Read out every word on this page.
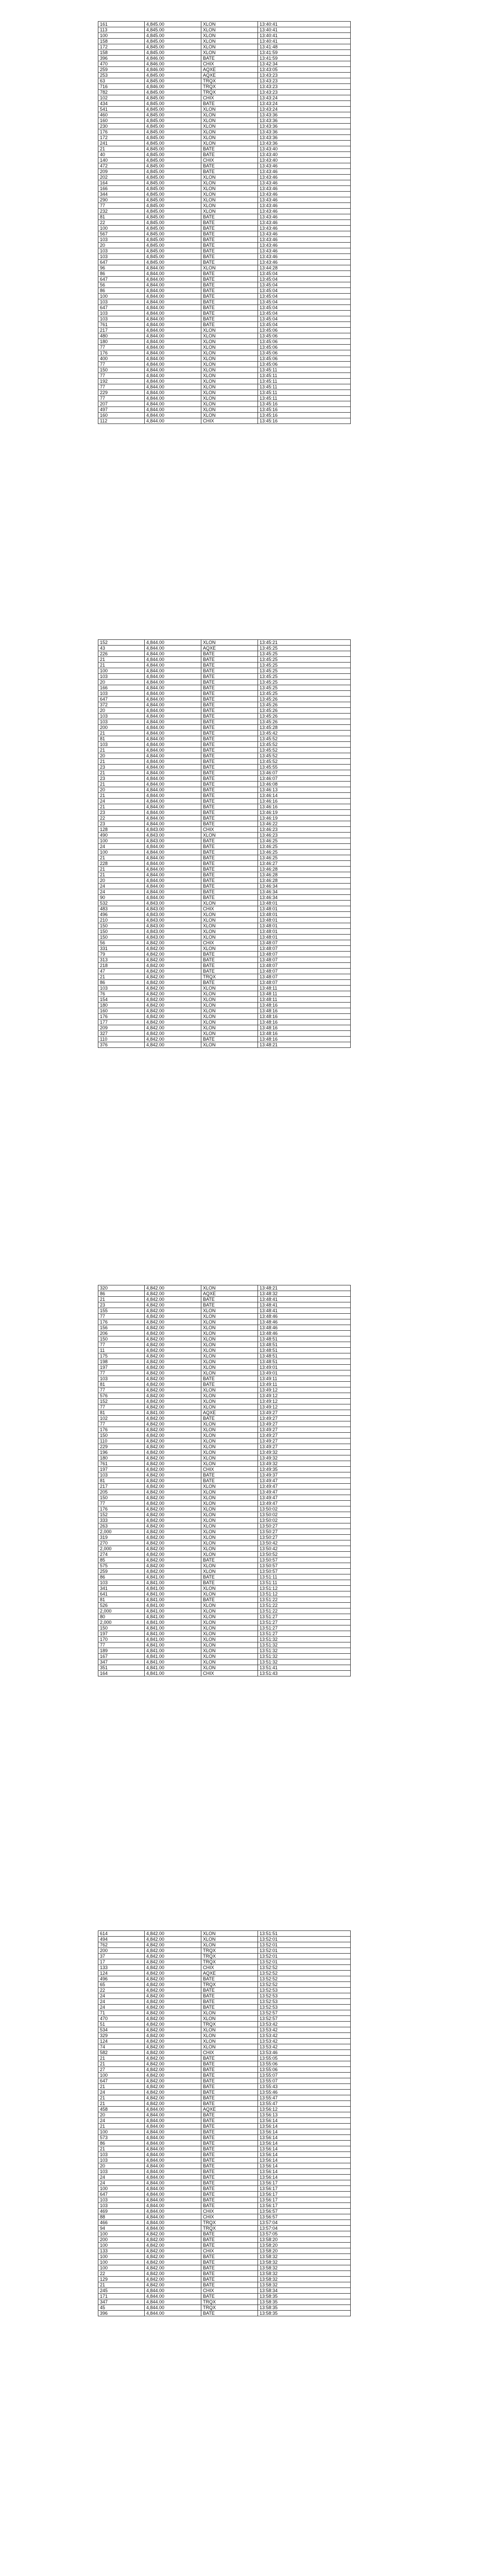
161	4,845.00	XLON	13:40:41
113	4,845.00	XLON	13:40:41
100	4,845.00	XLON	13:40:41
158	4,845.00	XLON	13:40:41
172	4,845.00	XLON	13:41:48
158	4,845.00	XLON	13:41:59
396	4,846.00	BATE	13:41:59
470	4,846.00	CHIX	13:42:34
259	4,846.00	AQXE	13:43:05
253	4,845.00	AQXE	13:43:23
63	4,845.00	TRQX	13:43:23
716	4,846.00	TRQX	13:43:23
782	4,845.00	TRQX	13:43:23
102	4,845.00	CHIX	13:43:24
434	4,845.00	BATE	13:43:24
541	4,845.00	XLON	13:43:24
460	4,845.00	XLON	13:43:36
160	4,845.00	XLON	13:43:36
230	4,845.00	XLON	13:43:36
176	4,845.00	XLON	13:43:36
172	4,845.00	XLON	13:43:36
241	4,845.00	XLON	13:43:36
21	4,845.00	BATE	13:43:40
40	4,845.00	BATE	13:43:40
140	4,845.00	CHIX	13:43:40
472	4,845.00	BATE	13:43:46
209	4,845.00	BATE	13:43:46
202	4,845.00	XLON	13:43:46
164	4,845.00	XLON	13:43:46
166	4,845.00	XLON	13:43:46
344	4,845.00	XLON	13:43:46
290	4,845.00	XLON	13:43:46
77	4,845.00	XLON	13:43:46
232	4,845.00	XLON	13:43:46
81	4,845.00	BATE	13:43:46
22	4,845.00	BATE	13:43:46
100	4,845.00	BATE	13:43:46
567	4,845.00	BATE	13:43:46
103	4,845.00	BATE	13:43:46
20	4,845.00	BATE	13:43:46
103	4,845.00	BATE	13:43:46
103	4,845.00	BATE	13:43:46
647	4,845.00	BATE	13:43:46
96	4,844.00	XLON	13:44:28
86	4,844.00	BATE	13:45:04
647	4,844.00	BATE	13:45:04
56	4,844.00	BATE	13:45:04
86	4,844.00	BATE	13:45:04
100	4,844.00	BATE	13:45:04
103	4,844.00	BATE	13:45:04
647	4,844.00	BATE	13:45:04
103	4,844.00	BATE	13:45:04
103	4,844.00	BATE	13:45:04
761	4,844.00	BATE	13:45:04
217	4,844.00	XLON	13:45:06
480	4,844.00	XLON	13:45:06
180	4,844.00	XLON	13:45:06
77	4,844.00	XLON	13:45:06
176	4,844.00	XLON	13:45:06
400	4,844.00	XLON	13:45:06
77	4,844.00	XLON	13:45:06
150	4,844.00	XLON	13:45:11
77	4,844.00	XLON	13:45:11
192	4,844.00	XLON	13:45:11
77	4,844.00	XLON	13:45:11
229	4,844.00	XLON	13:45:11
77	4,844.00	XLON	13:45:11
207	4,844.00	XLON	13:45:16
497	4,844.00	XLON	13:45:16
160	4,844.00	XLON	13:45:16
112	4,844.00	CHIX	13:45:16
152	4,844.00	XLON	13:45:21
43	4,844.00	AQXE	13:45:25
226	4,844.00	BATE	13:45:25
21	4,844.00	BATE	13:45:25
21	4,844.00	BATE	13:45:25
100	4,844.00	BATE	13:45:25
103	4,844.00	BATE	13:45:25
20	4,844.00	BATE	13:45:25
166	4,844.00	BATE	13:45:25
103	4,844.00	BATE	13:45:25
647	4,844.00	BATE	13:45:26
372	4,844.00	BATE	13:45:26
20	4,844.00	BATE	13:45:26
103	4,844.00	BATE	13:45:26
103	4,844.00	BATE	13:45:26
200	4,844.00	BATE	13:45:28
21	4,844.00	BATE	13:45:42
81	4,844.00	BATE	13:45:52
103	4,844.00	BATE	13:45:52
21	4,844.00	BATE	13:45:52
20	4,844.00	BATE	13:45:52
21	4,844.00	BATE	13:45:52
23	4,844.00	BATE	13:45:55
21	4,844.00	BATE	13:46:07
23	4,844.00	BATE	13:46:07
21	4,844.00	BATE	13:46:08
20	4,844.00	BATE	13:46:13
21	4,844.00	BATE	13:46:14
24	4,844.00	BATE	13:46:16
21	4,844.00	BATE	13:46:16
23	4,844.00	BATE	13:46:19
22	4,844.00	BATE	13:46:19
23	4,844.00	BATE	13:46:22
128	4,843.00	CHIX	13:46:23
490	4,843.00	XLON	13:46:23
100	4,843.00	BATE	13:46:25
24	4,844.00	BATE	13:46:25
100	4,844.00	BATE	13:46:25
21	4,844.00	BATE	13:46:25
228	4,844.00	BATE	13:46:27
21	4,844.00	BATE	13:46:28
21	4,844.00	BATE	13:46:28
20	4,844.00	BATE	13:46:28
24	4,844.00	BATE	13:46:34
24	4,844.00	BATE	13:46:34
90	4,844.00	BATE	13:46:34
532	4,843.00	XLON	13:48:01
483	4,843.00	CHIX	13:48:01
496	4,843.00	XLON	13:48:01
210	4,843.00	XLON	13:48:01
150	4,843.00	XLON	13:48:01
150	4,843.00	XLON	13:48:01
150	4,843.00	XLON	13:48:01
56	4,842.00	CHIX	13:48:07
331	4,842.00	XLON	13:48:07
79	4,842.00	BATE	13:48:07
313	4,842.00	BATE	13:48:07
218	4,842.00	BATE	13:48:07
47	4,842.00	BATE	13:48:07
21	4,842.00	TRQX	13:48:07
86	4,842.00	BATE	13:48:07
103	4,842.00	XLON	13:48:11
76	4,842.00	XLON	13:48:11
154	4,842.00	XLON	13:48:11
180	4,842.00	XLON	13:48:16
160	4,842.00	XLON	13:48:16
176	4,842.00	XLON	13:48:16
177	4,842.00	XLON	13:48:16
209	4,842.00	XLON	13:48:16
327	4,842.00	XLON	13:48:16
110	4,842.00	BATE	13:48:16
376	4,842.00	XLON	13:48:21
320	4,842.00	XLON	13:48:21
86	4,842.00	AQXE	13:48:32
21	4,842.00	BATE	13:48:41
23	4,842.00	BATE	13:48:41
155	4,842.00	XLON	13:48:41
77	4,842.00	XLON	13:48:46
176	4,842.00	XLON	13:48:46
156	4,842.00	XLON	13:48:46
206	4,842.00	XLON	13:48:46
150	4,842.00	XLON	13:48:51
77	4,842.00	XLON	13:48:51
11	4,842.00	XLON	13:48:51
175	4,842.00	XLON	13:48:51
198	4,842.00	XLON	13:48:51
197	4,842.00	XLON	13:49:01
77	4,842.00	XLON	13:49:01
103	4,842.00	BATE	13:49:11
81	4,842.00	BATE	13:49:11
77	4,842.00	XLON	13:49:12
576	4,842.00	XLON	13:49:12
152	4,842.00	XLON	13:49:12
77	4,842.00	XLON	13:49:12
81	4,841.00	AQXE	13:49:27
102	4,842.00	BATE	13:49:27
77	4,842.00	XLON	13:49:27
176	4,842.00	XLON	13:49:27
150	4,842.00	XLON	13:49:27
110	4,842.00	XLON	13:49:27
229	4,842.00	XLON	13:49:27
196	4,842.00	XLON	13:49:32
180	4,842.00	XLON	13:49:32
761	4,842.00	XLON	13:49:32
197	4,842.00	CHIX	13:49:35
103	4,842.00	BATE	13:49:37
81	4,842.00	BATE	13:49:47
217	4,842.00	XLON	13:49:47
205	4,842.00	XLON	13:49:47
150	4,842.00	XLON	13:49:47
77	4,842.00	XLON	13:49:47
176	4,842.00	XLON	13:50:02
152	4,842.00	XLON	13:50:02
333	4,842.00	XLON	13:50:02
263	4,842.00	XLON	13:50:27
2,000	4,842.00	XLON	13:50:27
319	4,842.00	XLON	13:50:27
270	4,842.00	XLON	13:50:42
2,000	4,842.00	XLON	13:50:42
274	4,842.00	XLON	13:50:52
85	4,842.00	BATE	13:50:57
575	4,842.00	XLON	13:50:57
259	4,842.00	XLON	13:50:57
86	4,841.00	BATE	13:51:11
103	4,841.00	BATE	13:51:11
341	4,841.00	XLON	13:51:12
641	4,841.00	XLON	13:51:12
81	4,841.00	BATE	13:51:22
526	4,841.00	XLON	13:51:22
2,000	4,841.00	XLON	13:51:22
80	4,841.00	XLON	13:51:27
2,000	4,841.00	XLON	13:51:27
150	4,841.00	XLON	13:51:27
197	4,841.00	XLON	13:51:27
170	4,841.00	XLON	13:51:32
77	4,841.00	XLON	13:51:32
189	4,841.00	XLON	13:51:32
167	4,841.00	XLON	13:51:32
347	4,841.00	XLON	13:51:32
351	4,841.00	XLON	13:51:41
164	4,841.00	CHIX	13:51:43
614	4,842.00	XLON	13:51:51
494	4,842.00	XLON	13:52:01
762	4,842.00	XLON	13:52:01
200	4,842.00	TRQX	13:52:01
37	4,842.00	TRQX	13:52:01
17	4,842.00	TRQX	13:52:01
133	4,842.00	CHIX	13:52:52
124	4,842.00	AQXE	13:52:52
496	4,842.00	BATE	13:52:52
65	4,842.00	TRQX	13:52:52
22	4,842.00	BATE	13:52:53
24	4,842.00	BATE	13:52:53
24	4,842.00	BATE	13:52:53
24	4,842.00	BATE	13:52:53
71	4,842.00	XLON	13:52:57
470	4,842.00	XLON	13:52:57
51	4,842.00	TRQX	13:53:42
534	4,842.00	XLON	13:53:42
329	4,842.00	XLON	13:53:42
124	4,842.00	XLON	13:53:42
74	4,842.00	XLON	13:53:42
582	4,842.00	CHIX	13:53:46
21	4,842.00	BATE	13:55:05
21	4,842.00	BATE	13:55:06
27	4,842.00	BATE	13:55:06
100	4,842.00	BATE	13:55:07
647	4,842.00	BATE	13:55:07
21	4,842.00	BATE	13:55:43
24	4,842.00	BATE	13:55:46
21	4,842.00	BATE	13:55:47
21	4,842.00	BATE	13:55:47
458	4,844.00	AQXE	13:56:12
20	4,844.00	BATE	13:56:13
24	4,844.00	BATE	13:56:14
21	4,844.00	BATE	13:56:14
100	4,844.00	BATE	13:56:14
573	4,844.00	BATE	13:56:14
86	4,844.00	BATE	13:56:14
21	4,844.00	BATE	13:56:14
103	4,844.00	BATE	13:56:14
103	4,844.00	BATE	13:56:14
20	4,844.00	BATE	13:56:14
103	4,844.00	BATE	13:56:14
24	4,844.00	BATE	13:56:14
24	4,844.00	BATE	13:56:17
100	4,844.00	BATE	13:56:17
647	4,844.00	BATE	13:56:17
103	4,844.00	BATE	13:56:17
103	4,844.00	BATE	13:56:17
469	4,844.00	CHIX	13:56:57
88	4,844.00	CHIX	13:56:57
466	4,844.00	TRQX	13:57:04
94	4,844.00	TRQX	13:57:04
100	4,842.00	BATE	13:57:05
200	4,842.00	BATE	13:58:20
100	4,842.00	BATE	13:58:20
133	4,842.00	CHIX	13:58:20
100	4,842.00	BATE	13:58:32
100	4,842.00	BATE	13:58:32
100	4,842.00	BATE	13:58:32
22	4,842.00	BATE	13:58:32
129	4,842.00	BATE	13:58:32
21	4,842.00	BATE	13:58:32
245	4,844.00	CHIX	13:58:34
171	4,844.00	BATE	13:58:35
347	4,844.00	TRQX	13:58:35
45	4,844.00	TRQX	13:58:35
396	4,844.00	BATE	13:58:35
